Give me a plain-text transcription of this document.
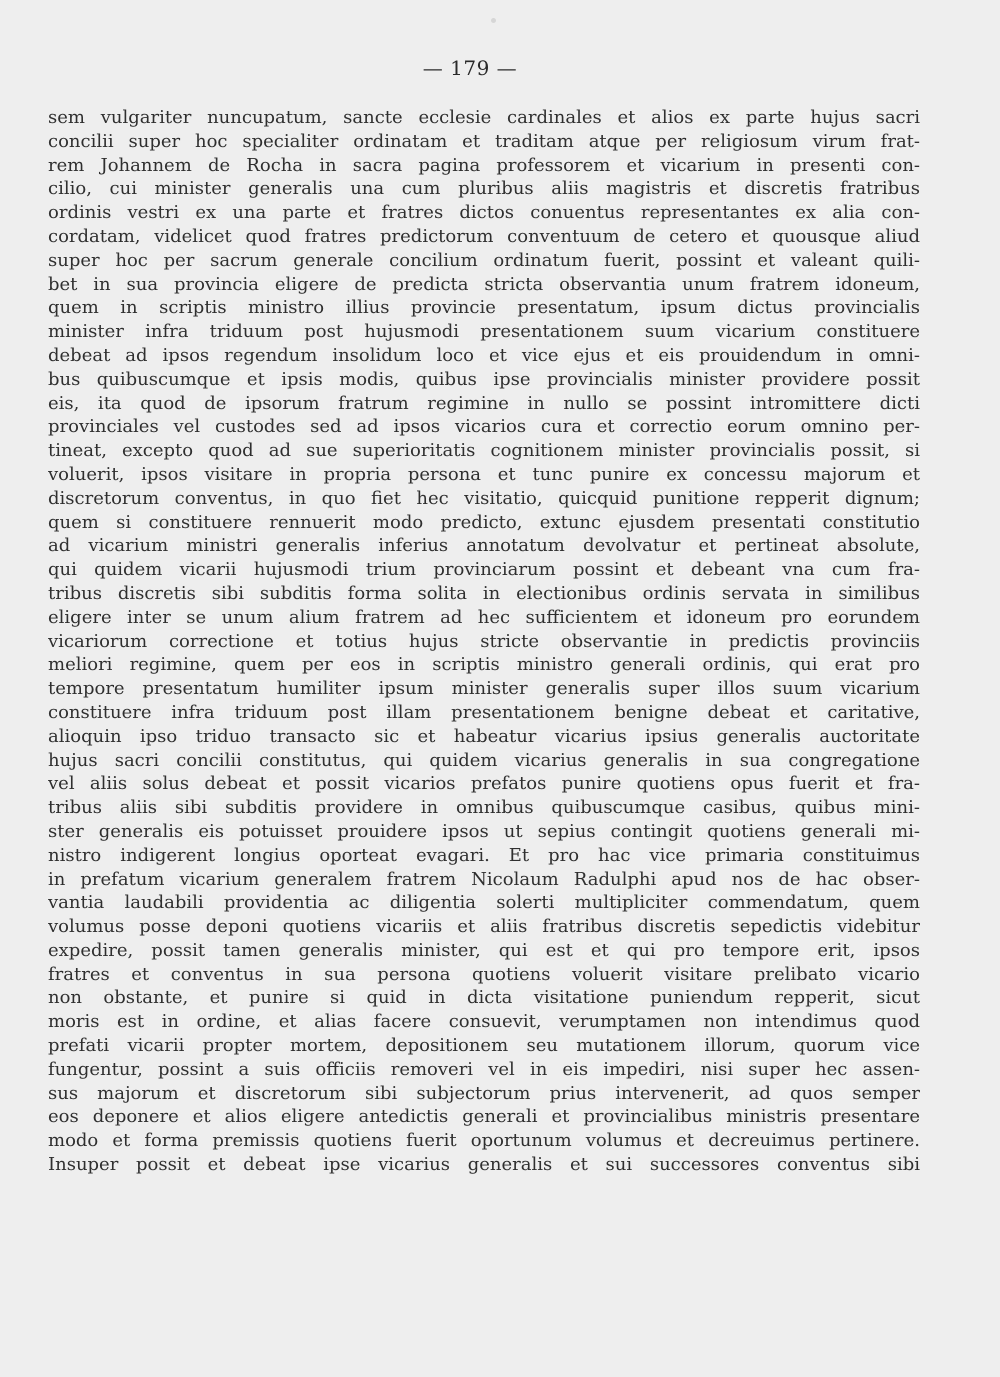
— 179 —
sem vulgariter nuncupatum, sancte ecclesie cardinales et alios ex parte hujus sacri
concilii super hoc specialiter ordinatam et traditam atque per religiosum virum frat-
rem Johannem de Rocha in sacra pagina professorem et vicarium in presenti con-
cilio, cui minister generalis una cum pluribus aliis magistris et discretis fratribus
ordinis vestri ex una parte et fratres dictos conuentus representantes ex alia con-
cordatam, videlicet quod fratres predictorum conventuum de cetero et quousque aliud
super hoc per sacrum generale concilium ordinatum fuerit, possint et valeant quili-
bet in sua provincia eligere de predicta stricta observantia unum fratrem idoneum,
quem in scriptis ministro illius provincie presentatum, ipsum dictus provincialis
minister infra triduum post hujusmodi presentationem suum vicarium constituere
debeat ad ipsos regendum insolidum loco et vice ejus et eis prouidendum in omni-
bus quibuscumque et ipsis modis, quibus ipse provincialis minister providere possit
eis, ita quod de ipsorum fratrum regimine in nullo se possint intromittere dicti
provinciales vel custodes sed ad ipsos vicarios cura et correctio eorum omnino per-
tineat, excepto quod ad sue superioritatis cognitionem minister provincialis possit, si
voluerit, ipsos visitare in propria persona et tunc punire ex concessu majorum et
discretorum conventus, in quo fiet hec visitatio, quicquid punitione repperit dignum;
quem si constituere rennuerit modo predicto, extunc ejusdem presentati constitutio
ad vicarium ministri generalis inferius annotatum devolvatur et pertineat absolute,
qui quidem vicarii hujusmodi trium provinciarum possint et debeant vna cum fra-
tribus discretis sibi subditis forma solita in electionibus ordinis servata in similibus
eligere inter se unum alium fratrem ad hec sufficientem et idoneum pro eorundem
vicariorum correctione et totius hujus stricte observantie in predictis provinciis
meliori regimine, quem per eos in scriptis ministro generali ordinis, qui erat pro
tempore presentatum humiliter ipsum minister generalis super illos suum vicarium
constituere infra triduum post illam presentationem benigne debeat et caritative,
alioquin ipso triduo transacto sic et habeatur vicarius ipsius generalis auctoritate
hujus sacri concilii constitutus, qui quidem vicarius generalis in sua congregatione
vel aliis solus debeat et possit vicarios prefatos punire quotiens opus fuerit et fra-
tribus aliis sibi subditis providere in omnibus quibuscumque casibus, quibus mini-
ster generalis eis potuisset prouidere ipsos ut sepius contingit quotiens generali mi-
nistro indigerent longius oporteat evagari. Et pro hac vice primaria constituimus
in prefatum vicarium generalem fratrem Nicolaum Radulphi apud nos de hac obser-
vantia laudabili providentia ac diligentia solerti multipliciter commendatum, quem
volumus posse deponi quotiens vicariis et aliis fratribus discretis sepedictis videbitur
expedire, possit tamen generalis minister, qui est et qui pro tempore erit, ipsos
fratres et conventus in sua persona quotiens voluerit visitare prelibato vicario
non obstante, et punire si quid in dicta visitatione puniendum repperit, sicut
moris est in ordine, et alias facere consuevit, verumptamen non intendimus quod
prefati vicarii propter mortem, depositionem seu mutationem illorum, quorum vice
fungentur, possint a suis officiis removeri vel in eis impediri, nisi super hec assen-
sus majorum et discretorum sibi subjectorum prius intervenerit, ad quos semper
eos deponere et alios eligere antedictis generali et provincialibus ministris presentare
modo et forma premissis quotiens fuerit oportunum volumus et decreuimus pertinere.
Insuper possit et debeat ipse vicarius generalis et sui successores conventus sibi
